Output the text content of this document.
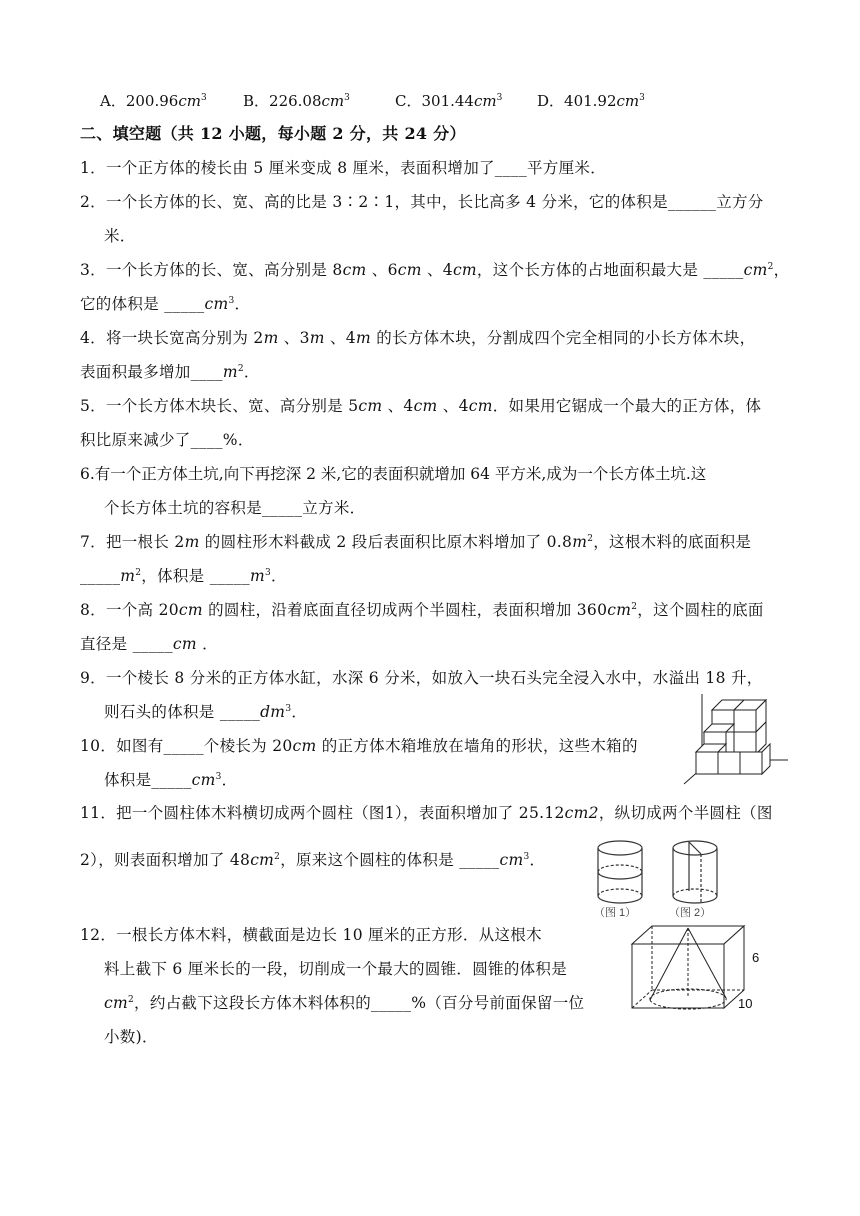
A．$200.96cm^3$ B．$226.08cm^3$	C．$301.44cm^3$ D．$401.92cm^3$
二、填空题（共 12 小题，每小题 2 分，共 24 分）
1．一个正方体的棱长由 5 厘米变成 8 厘米，表面积增加了____平方厘米．
2．一个长方体的长、宽、高的比是 3∶2∶1，其中，长比高多 4 分米，它的体积是______立方分
米．
3．一个长方体的长、宽、高分别是 8cm 、6cm 、4cm，这个长方体的占地面积最大是 $\_\_\_\_\_cm^2$，
它的体积是 $\_\_\_\_\_cm^3$．
4．将一块长宽高分别为 2m 、3m 、4m 的长方体木块，分割成四个完全相同的小长方体木块，
表面积最多增加$\_\_\_\_m^2$．
5．一个长方体木块长、宽、高分别是 5cm 、4cm 、4cm．如果用它锯成一个最大的正方体，体
积比原来减少了____%．
6.有一个正方体土坑,向下再挖深 2 米,它的表面积就增加 64 平方米,成为一个长方体土坑.这
个长方体土坑的容积是_____立方米．
7．把一根长 2m 的圆柱形木料截成 2 段后表面积比原木料增加了 $0.8m^2$，这根木料的底面积是
$\_\_\_\_\_m^2$，体积是 $\_\_\_\_\_m^3$．
8．一个高 20cm 的圆柱，沿着底面直径切成两个半圆柱，表面积增加 $360cm^2$，这个圆柱的底面
直径是 _____cm ．
9．一个棱长 8 分米的正方体水缸，水深 6 分米，如放入一块石头完全浸入水中，水溢出 18 升，
则石头的体积是 $\_\_\_\_\_dm^3$．
10．如图有_____个棱长为 20cm 的正方体木箱堆放在墙角的形状，这些木箱的
体积是$\_\_\_\_\_cm^3$．
11．把一个圆柱体木料横切成两个圆柱（图1），表面积增加了 25.12cm2，纵切成两个半圆柱（图
2），则表面积增加了 $48cm^2$，原来这个圆柱的体积是 $\_\_\_\_\_cm^3$．
（图 1）	（图 2）
12．一根长方体木料，横截面是边长 10 厘米的正方形．从这根木
料上截下 6 厘米长的一段，切削成一个最大的圆锥．圆锥的体积是
$cm^2$，约占截下这段长方体木料体积的_____%（百分号前面保留一位
小数)．
6
10
